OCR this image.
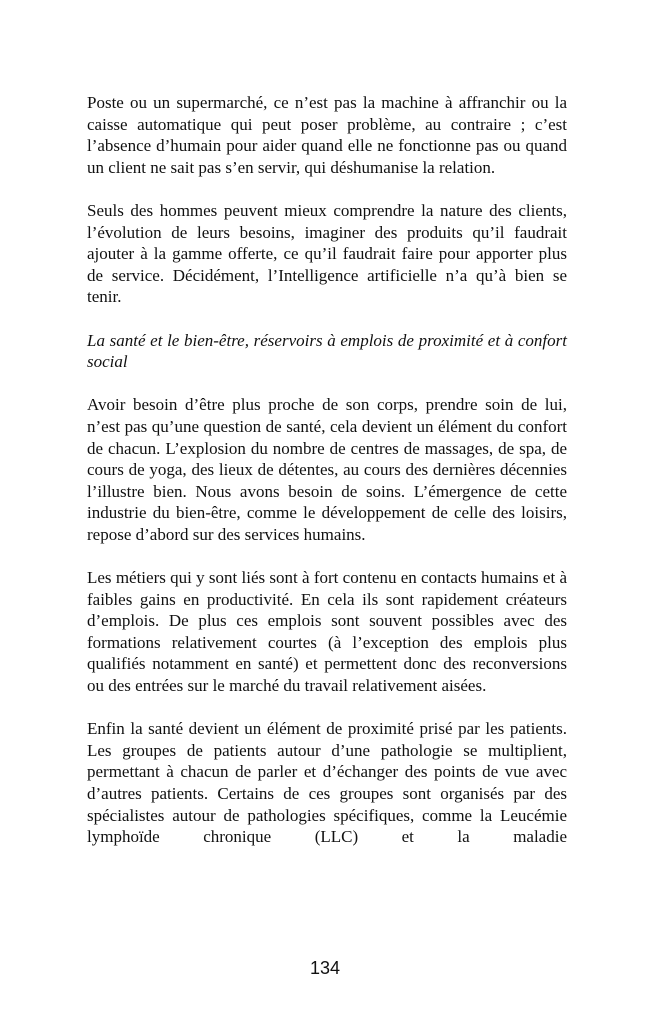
Poste ou un supermarché, ce n’est pas la machine à affranchir ou la caisse automatique qui peut poser problème, au contraire ; c’est l’absence d’humain pour aider quand elle ne fonctionne pas ou quand un client ne sait pas s’en servir, qui déshumanise la relation.

Seuls des hommes peuvent mieux comprendre la nature des clients, l’évolution de leurs besoins, imaginer des produits qu’il faudrait ajouter à la gamme offerte, ce qu’il faudrait faire pour apporter plus de service. Décidément, l’Intelligence artificielle n’a qu’à bien se tenir.

La santé et le bien-être, réservoirs à emplois de proximité et à confort social

Avoir besoin d’être plus proche de son corps, prendre soin de lui, n’est pas qu’une question de santé, cela devient un élément du confort de chacun. L’explosion du nombre de centres de massages, de spa, de cours de yoga, des lieux de détentes, au cours des dernières décennies l’illustre bien. Nous avons besoin de soins. L’émergence de cette industrie du bien-être, comme le développement de celle des loisirs, repose d’abord sur des services humains.

Les métiers qui y sont liés sont à fort contenu en contacts humains et à faibles gains en productivité. En cela ils sont rapidement créateurs d’emplois. De plus ces emplois sont souvent possibles avec des formations relativement courtes (à l’exception des emplois plus qualifiés notamment en santé) et permettent donc des reconversions ou des entrées sur le marché du travail relativement aisées.

Enfin la santé devient un élément de proximité prisé par les patients. Les groupes de patients autour d’une pathologie se multiplient, permettant à chacun de parler et d’échanger des points de vue avec d’autres patients. Certains de ces groupes sont organisés par des spécialistes autour de pathologies spécifiques, comme la Leucémie lymphoïde chronique (LLC) et la maladie

134
